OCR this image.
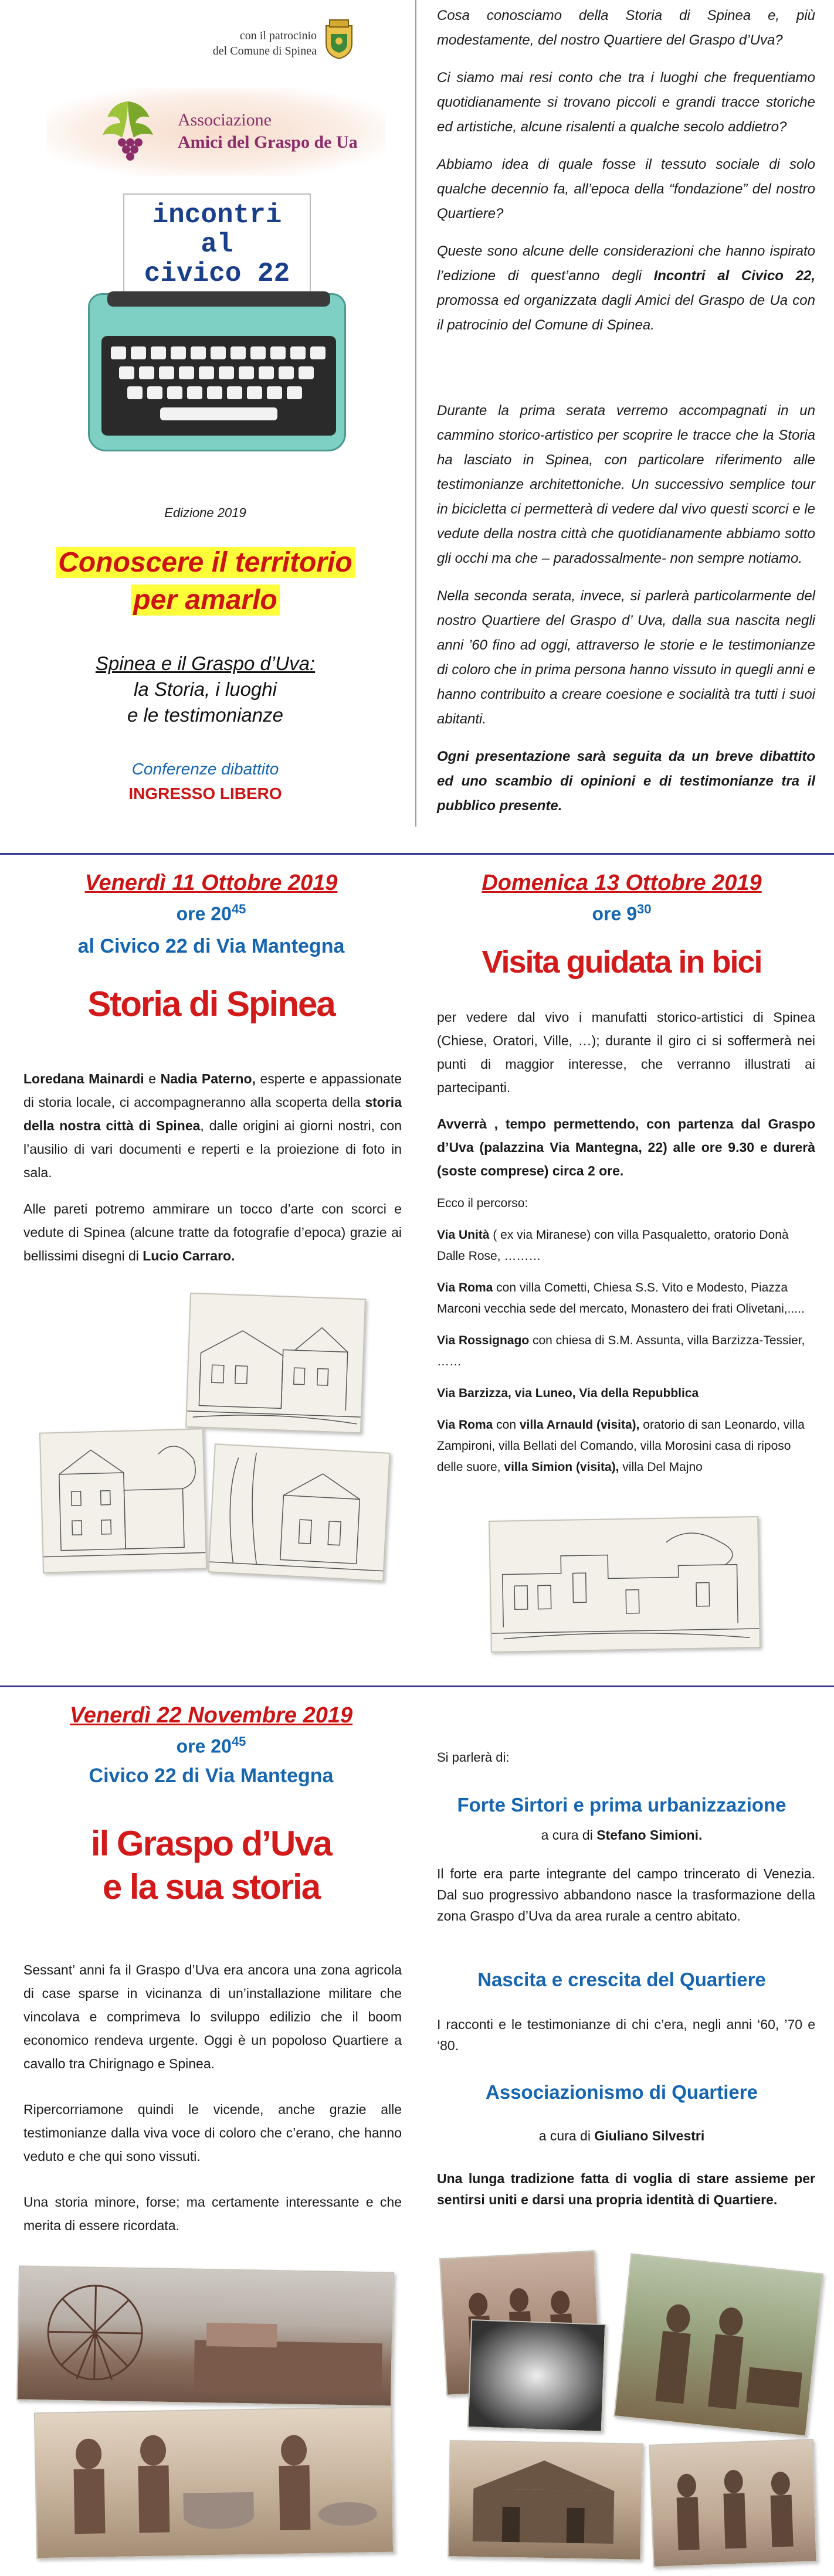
con il patrocinio
del Comune di Spinea
Associazione
Amici del Graspo de Ua
incontri
al
civico 22
Edizione 2019
Conoscere il territorio
per amarlo
Spinea e il Graspo d’Uva:
la Storia, i luoghi
e le testimonianze
Conferenze dibattito
INGRESSO LIBERO

Cosa conosciamo della Storia di Spinea e, più modestamente, del nostro Quartiere del Graspo d’Uva?

Ci siamo mai resi conto che tra i luoghi che frequentiamo quotidianamente si trovano piccoli e grandi tracce storiche ed artistiche, alcune risalenti a qualche secolo addietro?

Abbiamo idea di quale fosse il tessuto sociale di solo qualche decennio fa, all’epoca della “fondazione” del nostro Quartiere?

Queste sono alcune delle considerazioni che hanno ispirato l’edizione di quest’anno degli Incontri al Civico 22, promossa ed organizzata dagli Amici del Graspo de Ua con il patrocinio del Comune di Spinea.

Durante la prima serata verremo accompagnati in un cammino storico-artistico per scoprire le tracce che la Storia ha lasciato in Spinea, con particolare riferimento alle testimonianze architettoniche. Un successivo semplice tour in bicicletta ci permetterà di vedere dal vivo questi scorci e le vedute della nostra città che quotidianamente abbiamo sotto gli occhi ma che – paradossalmente- non sempre notiamo.

Nella seconda serata, invece, si parlerà particolarmente del nostro Quartiere del Graspo d’ Uva, dalla sua nascita negli anni ’60 fino ad oggi, attraverso le storie e le testimonianze di coloro che in prima persona hanno vissuto in quegli anni e hanno contribuito a creare coesione e socialità tra tutti i suoi abitanti.

Ogni presentazione sarà seguita da un breve dibattito ed uno scambio di opinioni e di testimonianze tra il pubblico presente.

Venerdì 11 Ottobre 2019
ore $20^{45}$
al Civico 22 di Via Mantegna
Storia di Spinea

Loredana Mainardi e Nadia Paterno, esperte e appassionate di storia locale, ci accompagneranno alla scoperta della storia della nostra città di Spinea, dalle origini ai giorni nostri, con l’ausilio di vari documenti e reperti e la proiezione di foto in sala.

Alle pareti potremo ammirare un tocco d’arte con scorci e vedute di Spinea (alcune tratte da fotografie d’epoca) grazie ai bellissimi disegni di Lucio Carraro.

Domenica 13 Ottobre 2019
ore $9^{30}$
Visita guidata in bici

per vedere dal vivo i manufatti storico-artistici di Spinea (Chiese, Oratori, Ville, …); durante il giro ci si soffermerà nei punti di maggior interesse, che verranno illustrati ai partecipanti.

Avverrà , tempo permettendo, con partenza dal Graspo d’Uva (palazzina Via Mantegna, 22) alle ore 9.30 e durerà (soste comprese) circa 2 ore.

Ecco il percorso:

Via Unità ( ex via Miranese) con villa Pasqualetto, oratorio Donà Dalle Rose, ………

Via Roma con villa Cometti, Chiesa S.S. Vito e Modesto, Piazza Marconi vecchia sede del mercato, Monastero dei frati Olivetani,.....

Via Rossignago con chiesa di S.M. Assunta, villa Barzizza-Tessier, ……

Via Barzizza, via Luneo, Via della Repubblica

Via Roma con villa Arnauld (visita), oratorio di san Leonardo, villa Zampironi, villa Bellati del Comando, villa Morosini casa di riposo delle suore, villa Simion (visita), villa Del Majno

Venerdì 22 Novembre 2019
ore $20^{45}$
Civico 22 di Via Mantegna
il Graspo d’Uva
e la sua storia

Sessant’ anni fa il Graspo d’Uva era ancora una zona agricola di case sparse in vicinanza di un’installazione militare che vincolava e comprimeva lo sviluppo edilizio che il boom economico rendeva urgente. Oggi è un popoloso Quartiere a cavallo tra Chirignago e Spinea.

Ripercorriamone quindi le vicende, anche grazie alle testimonianze dalla viva voce di coloro che c’erano, che hanno veduto e che qui sono vissuti.

Una storia minore, forse; ma certamente interessante e che merita di essere ricordata.

Si parlerà di:
Forte Sirtori e prima urbanizzazione
a cura di Stefano Simioni.

Il forte era parte integrante del campo trincerato di Venezia. Dal suo progressivo abbandono nasce la trasformazione della zona Graspo d’Uva da area rurale a centro abitato.

Nascita e crescita del Quartiere

I racconti e le testimonianze di chi c’era, negli anni ‘60, ’70 e ‘80.

Associazionismo di Quartiere
a cura di Giuliano Silvestri

Una lunga tradizione fatta di voglia di stare assieme per sentirsi uniti e darsi una propria identità di Quartiere.
